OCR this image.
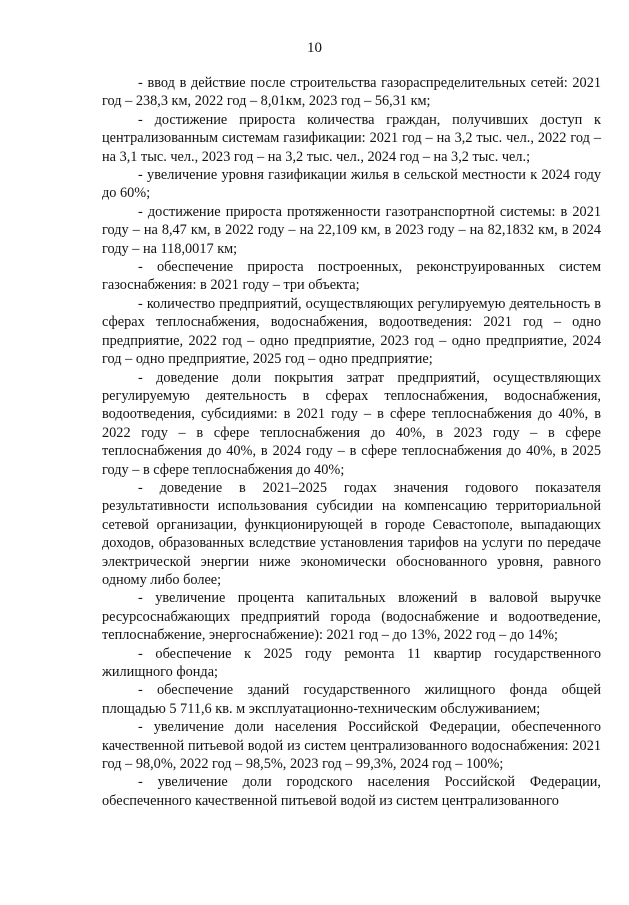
10

- ввод в действие после строительства газораспределительных сетей: 2021 год – 238,3 км, 2022 год – 8,01км, 2023 год – 56,31 км;

- достижение прироста количества граждан, получивших доступ к централизованным системам газификации: 2021 год – на 3,2 тыс. чел., 2022 год – на 3,1 тыс. чел., 2023 год – на 3,2 тыс. чел., 2024 год – на 3,2 тыс. чел.;

- увеличение уровня газификации жилья в сельской местности к 2024 году до 60%;

- достижение прироста протяженности газотранспортной системы: в 2021 году – на 8,47 км, в 2022 году – на 22,109 км, в 2023 году – на 82,1832 км, в 2024 году – на 118,0017 км;

- обеспечение прироста построенных, реконструированных систем газоснабжения: в 2021 году – три объекта;

- количество предприятий, осуществляющих регулируемую деятельность в сферах теплоснабжения, водоснабжения, водоотведения: 2021 год – одно предприятие, 2022 год – одно предприятие, 2023 год – одно предприятие, 2024 год – одно предприятие, 2025 год – одно предприятие;

- доведение доли покрытия затрат предприятий, осуществляющих регулируемую деятельность в сферах теплоснабжения, водоснабжения, водоотведения, субсидиями: в 2021 году – в сфере теплоснабжения до 40%, в 2022 году – в сфере теплоснабжения до 40%, в 2023 году – в сфере теплоснабжения до 40%, в 2024 году – в сфере теплоснабжения до 40%, в 2025 году – в сфере теплоснабжения до 40%;

- доведение в 2021–2025 годах значения годового показателя результативности использования субсидии на компенсацию территориальной сетевой организации, функционирующей в городе Севастополе, выпадающих доходов, образованных вследствие установления тарифов на услуги по передаче электрической энергии ниже экономически обоснованного уровня, равного одному либо более;

- увеличение процента капитальных вложений в валовой выручке ресурсоснабжающих предприятий города (водоснабжение и водоотведение, теплоснабжение, энергоснабжение): 2021 год – до 13%, 2022 год – до 14%;

- обеспечение к 2025 году ремонта 11 квартир государственного жилищного фонда;

- обеспечение зданий государственного жилищного фонда общей площадью 5 711,6 кв. м эксплуатационно-техническим обслуживанием;

- увеличение доли населения Российской Федерации, обеспеченного качественной питьевой водой из систем централизованного водоснабжения: 2021 год – 98,0%, 2022 год – 98,5%, 2023 год – 99,3%, 2024 год – 100%;

- увеличение доли городского населения Российской Федерации, обеспеченного качественной питьевой водой из систем централизованного
